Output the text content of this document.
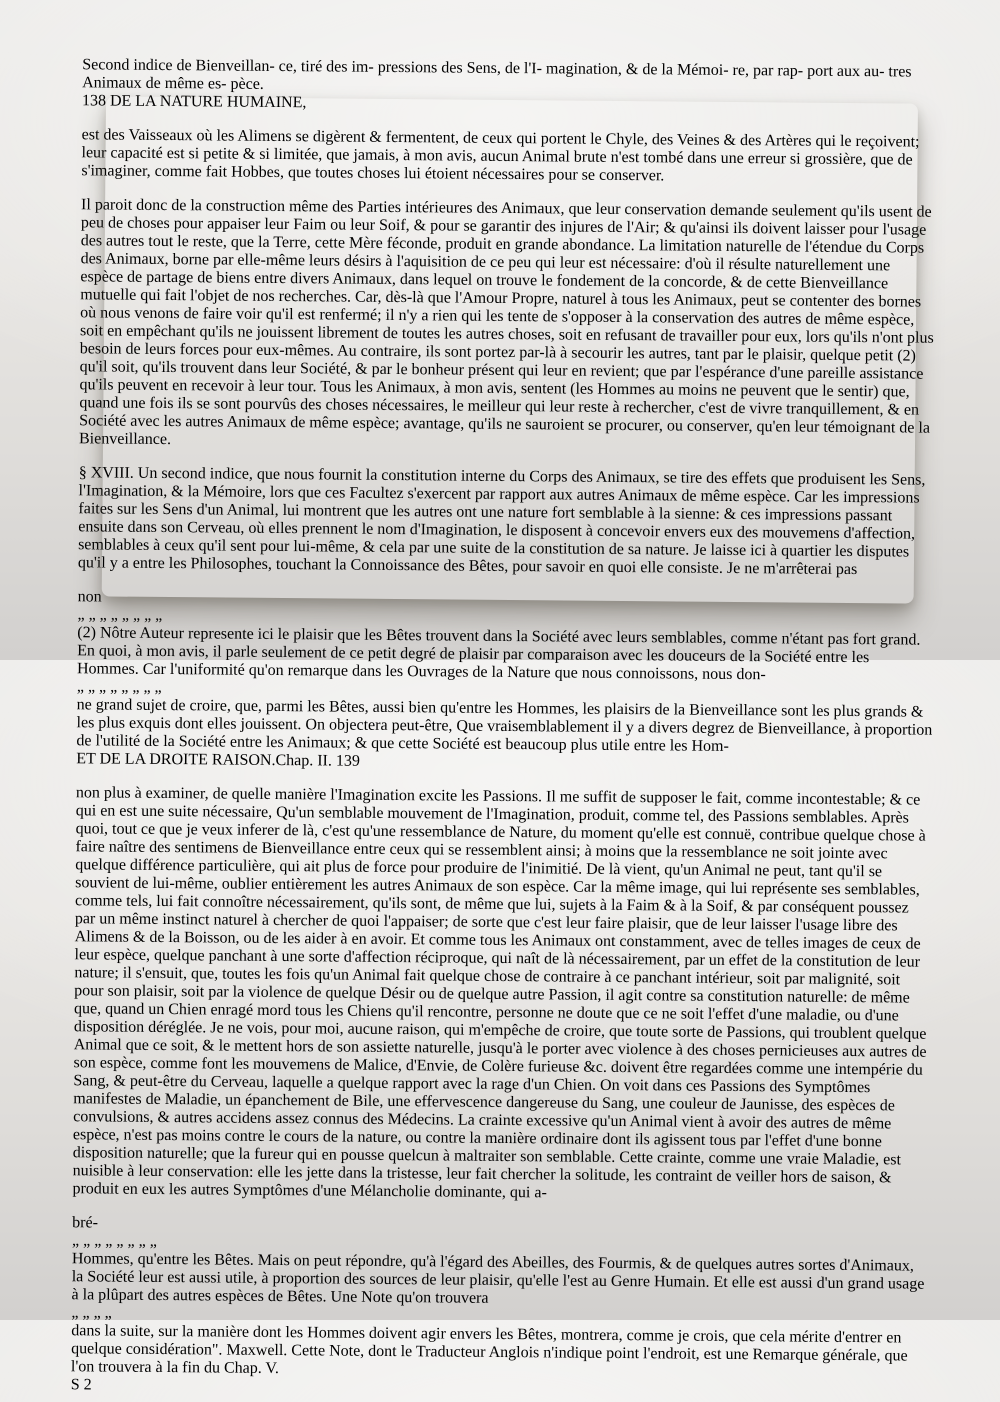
Second indice de Bienveillan- ce, tiré des im- pressions des Sens, de l'I- magination, & de la Mémoi- re, par rap- port aux au- tres Animaux de même es- pèce.
138 DE LA NATURE HUMAINE,

est des Vaisseaux où les Alimens se digèrent & fermentent, de ceux qui portent le Chyle, des Veines & des Artères qui le reçoivent; leur capacité est si petite & si limitée, que jamais, à mon avis, aucun Animal brute n'est tombé dans une erreur si grossière, que de s'imaginer, comme fait Hobbes, que toutes choses lui étoient nécessaires pour se conserver.

Il paroit donc de la construction même des Parties intérieures des Animaux, que leur conservation demande seulement qu'ils usent de peu de choses pour appaiser leur Faim ou leur Soif, & pour se garantir des injures de l'Air; & qu'ainsi ils doivent laisser pour l'usage des autres tout le reste, que la Terre, cette Mère féconde, produit en grande abondance. La limitation naturelle de l'étendue du Corps des Animaux, borne par elle-même leurs désirs à l'aquisition de ce peu qui leur est nécessaire: d'où il résulte naturellement une espèce de partage de biens entre divers Animaux, dans lequel on trouve le fondement de la concorde, & de cette Bienveillance mutuelle qui fait l'objet de nos recherches. Car, dès-là que l'Amour Propre, naturel à tous les Animaux, peut se contenter des bornes où nous venons de faire voir qu'il est renfermé; il n'y a rien qui les tente de s'opposer à la conservation des autres de même espèce, soit en empêchant qu'ils ne jouissent librement de toutes les autres choses, soit en refusant de travailler pour eux, lors qu'ils n'ont plus besoin de leurs forces pour eux-mêmes. Au contraire, ils sont portez par-là à secourir les autres, tant par le plaisir, quelque petit (2) qu'il soit, qu'ils trouvent dans leur Société, & par le bonheur présent qui leur en revient; que par l'espérance d'une pareille assistance qu'ils peuvent en recevoir à leur tour. Tous les Animaux, à mon avis, sentent (les Hommes au moins ne peuvent que le sentir) que, quand une fois ils se sont pourvûs des choses nécessaires, le meilleur qui leur reste à rechercher, c'est de vivre tranquillement, & en Société avec les autres Animaux de même espèce; avantage, qu'ils ne sauroient se procurer, ou conserver, qu'en leur témoignant de la Bienveillance.

§ XVIII. Un second indice, que nous fournit la constitution interne du Corps des Animaux, se tire des effets que produisent les Sens, l'Imagination, & la Mémoire, lors que ces Facultez s'exercent par rapport aux autres Animaux de même espèce. Car les impressions faites sur les Sens d'un Animal, lui montrent que les autres ont une nature fort semblable à la sienne: & ces impressions passant ensuite dans son Cerveau, où elles prennent le nom d'Imagination, le disposent à concevoir envers eux des mouvemens d'affection, semblables à ceux qu'il sent pour lui-même, & cela par une suite de la constitution de sa nature. Je laisse ici à quartier les disputes qu'il y a entre les Philosophes, touchant la Connoissance des Bêtes, pour savoir en quoi elle consiste. Je ne m'arrêterai pas

non
„ „ „ „ „ „ „ „
(2) Nôtre Auteur represente ici le plaisir que les Bêtes trouvent dans la Société avec leurs semblables, comme n'étant pas fort grand. En quoi, à mon avis, il parle seulement de ce petit degré de plaisir par comparaison avec les douceurs de la Société entre les Hommes. Car l'uniformité qu'on remarque dans les Ouvrages de la Nature que nous connoissons, nous don-
„ „ „ „ „ „ „ „
ne grand sujet de croire, que, parmi les Bêtes, aussi bien qu'entre les Hommes, les plaisirs de la Bienveillance sont les plus grands & les plus exquis dont elles jouissent. On objectera peut-être, Que vraisemblablement il y a divers degrez de Bienveillance, à proportion de l'utilité de la Société entre les Animaux; & que cette Société est beaucoup plus utile entre les Hom-
ET DE LA DROITE RAISON.Chap. II. 139

non plus à examiner, de quelle manière l'Imagination excite les Passions. Il me suffit de supposer le fait, comme incontestable; & ce qui en est une suite nécessaire, Qu'un semblable mouvement de l'Imagination, produit, comme tel, des Passions semblables. Après quoi, tout ce que je veux inferer de là, c'est qu'une ressemblance de Nature, du moment qu'elle est connuë, contribue quelque chose à faire naître des sentimens de Bienveillance entre ceux qui se ressemblent ainsi; à moins que la ressemblance ne soit jointe avec quelque différence particulière, qui ait plus de force pour produire de l'inimitié. De là vient, qu'un Animal ne peut, tant qu'il se souvient de lui-même, oublier entièrement les autres Animaux de son espèce. Car la même image, qui lui représente ses semblables, comme tels, lui fait connoître nécessairement, qu'ils sont, de même que lui, sujets à la Faim & à la Soif, & par conséquent poussez par un même instinct naturel à chercher de quoi l'appaiser; de sorte que c'est leur faire plaisir, que de leur laisser l'usage libre des Alimens & de la Boisson, ou de les aider à en avoir. Et comme tous les Animaux ont constamment, avec de telles images de ceux de leur espèce, quelque panchant à une sorte d'affection réciproque, qui naît de là nécessairement, par un effet de la constitution de leur nature; il s'ensuit, que, toutes les fois qu'un Animal fait quelque chose de contraire à ce panchant intérieur, soit par malignité, soit pour son plaisir, soit par la violence de quelque Désir ou de quelque autre Passion, il agit contre sa constitution naturelle: de même que, quand un Chien enragé mord tous les Chiens qu'il rencontre, personne ne doute que ce ne soit l'effet d'une maladie, ou d'une disposition déréglée. Je ne vois, pour moi, aucune raison, qui m'empêche de croire, que toute sorte de Passions, qui troublent quelque Animal que ce soit, & le mettent hors de son assiette naturelle, jusqu'à le porter avec violence à des choses pernicieuses aux autres de son espèce, comme font les mouvemens de Malice, d'Envie, de Colère furieuse &c. doivent être regardées comme une intempérie du Sang, & peut-être du Cerveau, laquelle a quelque rapport avec la rage d'un Chien. On voit dans ces Passions des Symptômes manifestes de Maladie, un épanchement de Bile, une effervescence dangereuse du Sang, une couleur de Jaunisse, des espèces de convulsions, & autres accidens assez connus des Médecins. La crainte excessive qu'un Animal vient à avoir des autres de même espèce, n'est pas moins contre le cours de la nature, ou contre la manière ordinaire dont ils agissent tous par l'effet d'une bonne disposition naturelle; que la fureur qui en pousse quelcun à maltraiter son semblable. Cette crainte, comme une vraie Maladie, est nuisible à leur conservation: elle les jette dans la tristesse, leur fait chercher la solitude, les contraint de veiller hors de saison, & produit en eux les autres Symptômes d'une Mélancholie dominante, qui a-

bré-
„ „ „ „ „ „ „ „
Hommes, qu'entre les Bêtes. Mais on peut répondre, qu'à l'égard des Abeilles, des Fourmis, & de quelques autres sortes d'Animaux, la Société leur est aussi utile, à proportion des sources de leur plaisir, qu'elle l'est au Genre Humain. Et elle est aussi d'un grand usage à la plûpart des autres espèces de Bêtes. Une Note qu'on trouvera
„ „ „ „
dans la suite, sur la manière dont les Hommes doivent agir envers les Bêtes, montrera, comme je crois, que cela mérite d'entrer en quelque considération". Maxwell. Cette Note, dont le Traducteur Anglois n'indique point l'endroit, est une Remarque générale, que l'on trouvera à la fin du Chap. V.
S 2
